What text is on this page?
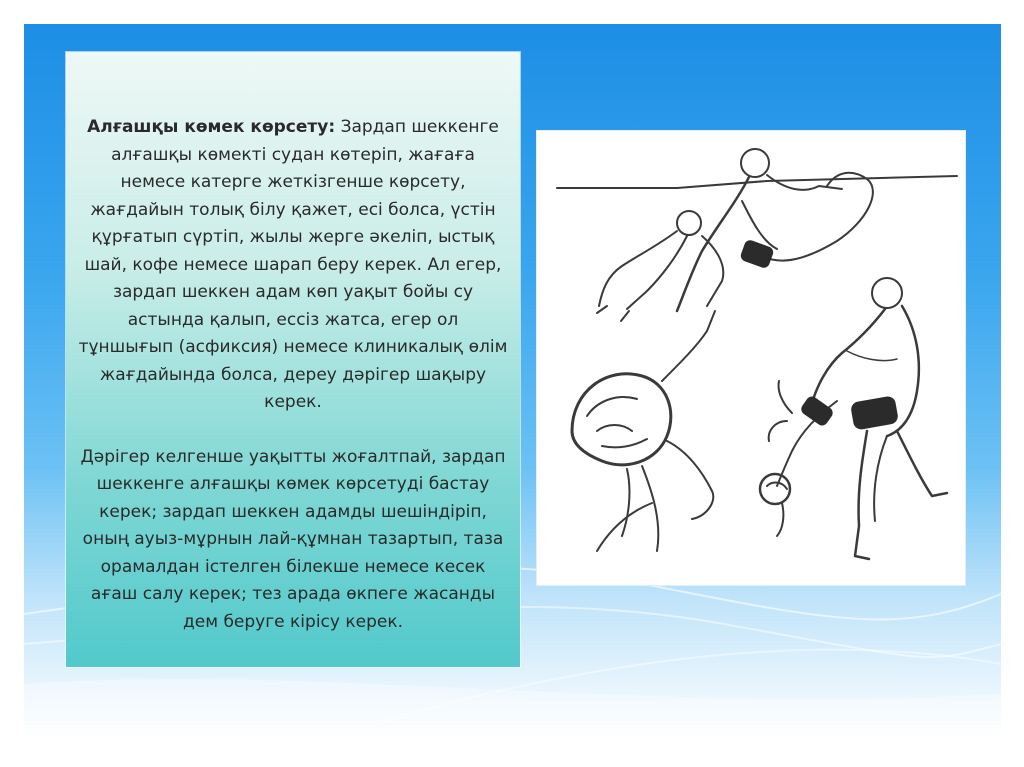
Алғашқы көмек көрсету: Зардап шеккенге алғашқы көмекті судан көтеріп, жағаға немесе катерге жеткізгенше көрсету, жағдайын толық білу қажет, есі болса, үстін құрғатып сүртіп, жылы жерге әкеліп, ыстық шай, кофе немесе шарап беру керек. Ал егер, зардап шеккен адам көп уақыт бойы су астында қалып, ессіз жатса, егер ол тұншығып (асфиксия) немесе клиникалық өлім жағдайында болса, дереу дәрігер шақыру керек.

Дәрігер келгенше уақытты жоғалтпай, зардап шеккенге алғашқы көмек көрсетуді бастау керек; зардап шеккен адамды шешіндіріп, оның ауыз-мұрнын лай-құмнан тазартып, таза орамалдан істелген білекше немесе кесек ағаш салу керек; тез арада өкпеге жасанды дем беруге кірісу керек.
